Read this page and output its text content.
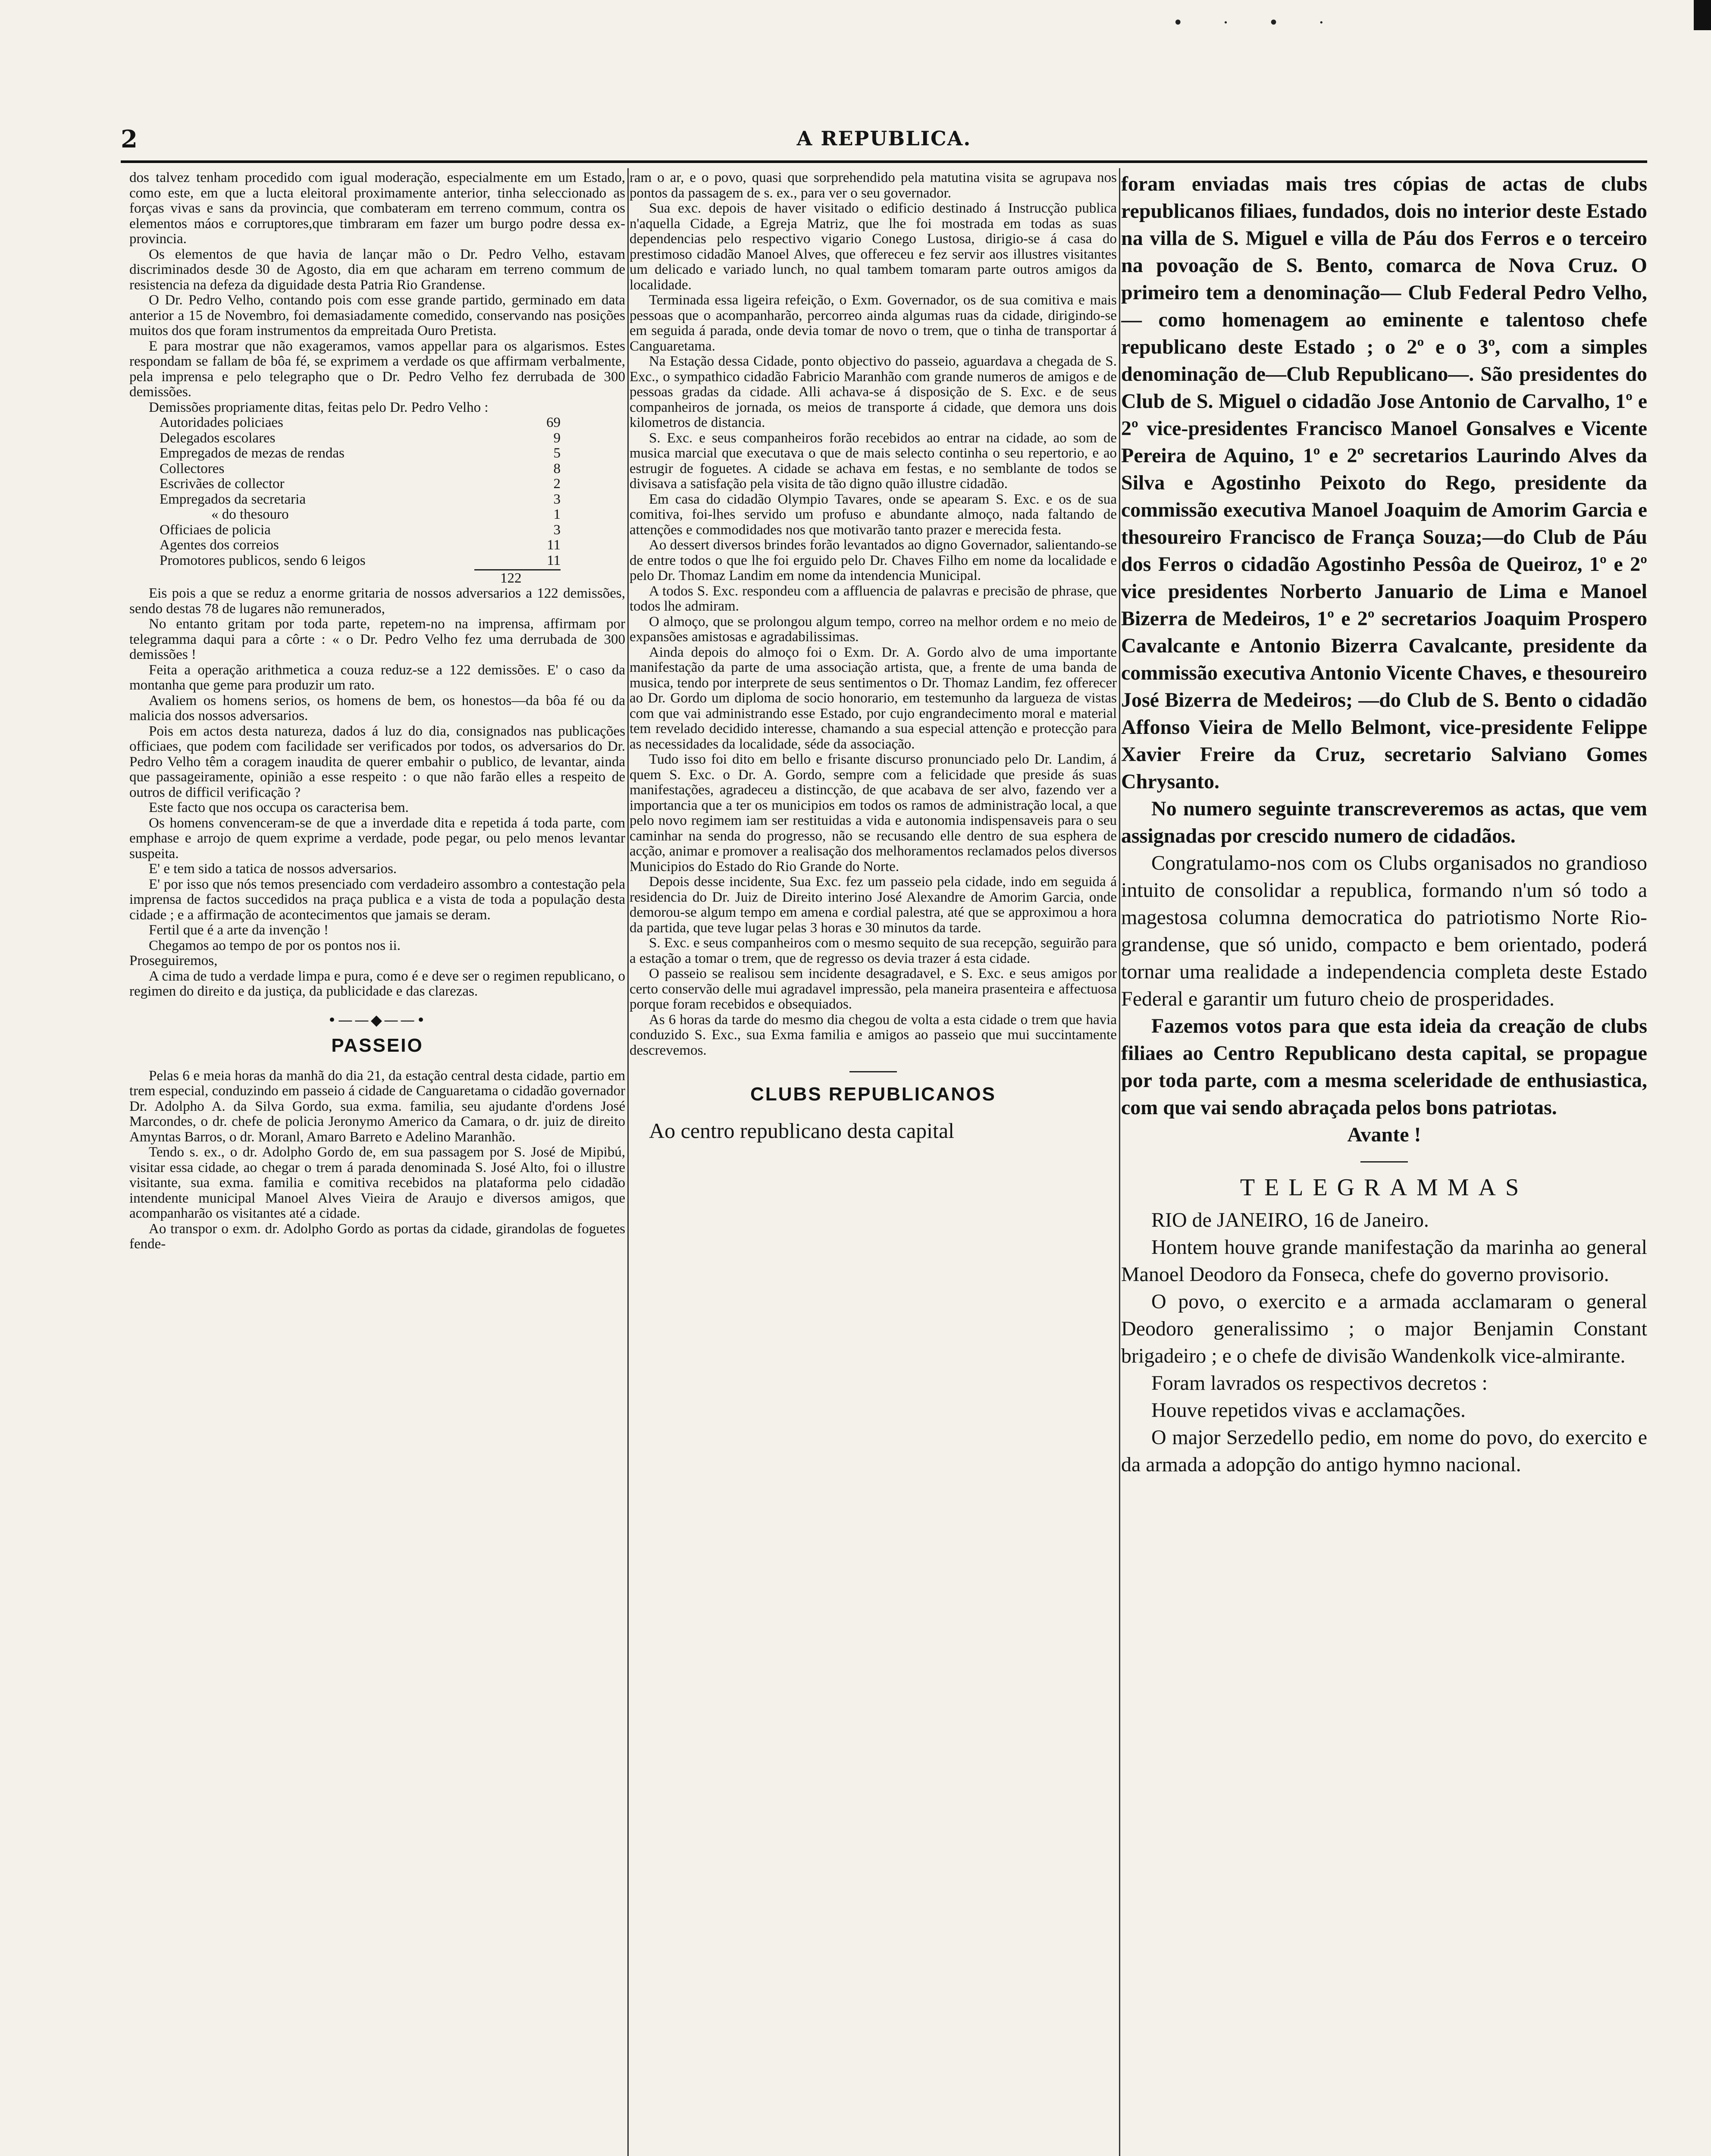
• · • ·
2	A REPUBLICA.

dos talvez tenham procedido com igual moderação, especialmente em um Estado, como este, em que a lucta eleitoral proximamente anterior, tinha seleccionado as forças vivas e sans da provincia, que combateram em terreno commum, contra os elementos máos e corruptores,que timbraram em fazer um burgo podre dessa ex-provincia.

Os elementos de que havia de lançar mão o Dr. Pedro Velho, estavam discriminados desde 30 de Agosto, dia em que acharam em terreno commum de resistencia na defeza da diguidade desta Patria Rio Grandense.

O Dr. Pedro Velho, contando pois com esse grande partido, germinado em data anterior a 15 de Novembro, foi demasiadamente comedido, conservando nas posições muitos dos que foram instrumentos da empreitada Ouro Pretista.

E para mostrar que não exageramos, vamos appellar para os algarismos. Estes respondam se fallam de bôa fé, se exprimem a verdade os que affirmam verbalmente, pela imprensa e pelo telegrapho que o Dr. Pedro Velho fez derrubada de 300 demissões.

Demissões propriamente ditas, feitas pelo Dr. Pedro Velho :

Autoridades policiaes	69
Delegados escolares	9
Empregados de mezas de rendas	5
Collectores	8
Escrivães de collector	2
Empregados da secretaria	3
« do thesouro	1
Officiaes de policia	3
Agentes dos correios	11
Promotores publicos, sendo 6 leigos	11
122

Eis pois a que se reduz a enorme gritaria de nossos adversarios a 122 demissões, sendo destas 78 de lugares não remunerados,

No entanto gritam por toda parte, repetem-no na imprensa, affirmam por telegramma daqui para a côrte : « o Dr. Pedro Velho fez uma derrubada de 300 demissões !

Feita a operação arithmetica a couza reduz-se a 122 demissões. E' o caso da montanha que geme para produzir um rato.

Avaliem os homens serios, os homens de bem, os honestos—da bôa fé ou da malicia dos nossos adversarios.

Pois em actos desta natureza, dados á luz do dia, consignados nas publicações officiaes, que podem com facilidade ser verificados por todos, os adversarios do Dr. Pedro Velho têm a coragem inaudita de querer embahir o publico, de levantar, ainda que passageiramente, opinião a esse respeito : o que não farão elles a respeito de outros de difficil verificação ?

Este facto que nos occupa os caracterisa bem.

Os homens convenceram-se de que a inverdade dita e repetida á toda parte, com emphase e arrojo de quem exprime a verdade, pode pegar, ou pelo menos levantar suspeita.

E' e tem sido a tatica de nossos adversarios.

E' por isso que nós temos presenciado com verdadeiro assombro a contestação pela imprensa de factos succedidos na praça publica e a vista de toda a população desta cidade ; e a affirmação de acontecimentos que jamais se deram.

Fertil que é a arte da invenção !

Chegamos ao tempo de por os pontos nos ii.

Proseguiremos,

A cima de tudo a verdade limpa e pura, como é e deve ser o regimen republicano, o regimen do direito e da justiça, da publicidade e das clarezas.

•——◆——•
PASSEIO

Pelas 6 e meia horas da manhã do dia 21, da estação central desta cidade, partio em trem especial, conduzindo em passeio á cidade de Canguaretama o cidadão governador Dr. Adolpho A. da Silva Gordo, sua exma. familia, seu ajudante d'ordens José Marcondes, o dr. chefe de policia Jeronymo Americo da Camara, o dr. juiz de direito Amyntas Barros, o dr. Moranl, Amaro Barreto e Adelino Maranhão.

Tendo s. ex., o dr. Adolpho Gordo de, em sua passagem por S. José de Mipibú, visitar essa cidade, ao chegar o trem á parada denominada S. José Alto, foi o illustre visitante, sua exma. familia e comitiva recebidos na plataforma pelo cidadão intendente municipal Manoel Alves Vieira de Araujo e diversos amigos, que acompanharão os visitantes até a cidade.

Ao transpor o exm. dr. Adolpho Gordo as portas da cidade, girandolas de foguetes fende-

ram o ar, e o povo, quasi que sorprehendido pela matutina visita se agrupava nos pontos da passagem de s. ex., para ver o seu governador.

Sua exc. depois de haver visitado o edificio destinado á Instrucção publica n'aquella Cidade, a Egreja Matriz, que lhe foi mostrada em todas as suas dependencias pelo respectivo vigario Conego Lustosa, dirigio-se á casa do prestimoso cidadão Manoel Alves, que offereceu e fez servir aos illustres visitantes um delicado e variado lunch, no qual tambem tomaram parte outros amigos da localidade.

Terminada essa ligeira refeição, o Exm. Governador, os de sua comitiva e mais pessoas que o acompanharão, percorreo ainda algumas ruas da cidade, dirigindo-se em seguida á parada, onde devia tomar de novo o trem, que o tinha de transportar á Canguaretama.

Na Estação dessa Cidade, ponto objectivo do passeio, aguardava a chegada de S. Exc., o sympathico cidadão Fabricio Maranhão com grande numeros de amigos e de pessoas gradas da cidade. Alli achava-se á disposição de S. Exc. e de seus companheiros de jornada, os meios de transporte á cidade, que demora uns dois kilometros de distancia.

S. Exc. e seus companheiros forão recebidos ao entrar na cidade, ao som de musica marcial que executava o que de mais selecto continha o seu repertorio, e ao estrugir de foguetes. A cidade se achava em festas, e no semblante de todos se divisava a satisfação pela visita de tão digno quão illustre cidadão.

Em casa do cidadão Olympio Tavares, onde se apearam S. Exc. e os de sua comitiva, foi-lhes servido um profuso e abundante almoço, nada faltando de attenções e commodidades nos que motivarão tanto prazer e merecida festa.

Ao dessert diversos brindes forão levantados ao digno Governador, salientando-se de entre todos o que lhe foi erguido pelo Dr. Chaves Filho em nome da localidade e pelo Dr. Thomaz Landim em nome da intendencia Municipal.

A todos S. Exc. respondeu com a affluencia de palavras e precisão de phrase, que todos lhe admiram.

O almoço, que se prolongou algum tempo, correo na melhor ordem e no meio de expansões amistosas e agradabilissimas.

Ainda depois do almoço foi o Exm. Dr. A. Gordo alvo de uma importante manifestação da parte de uma associação artista, que, a frente de uma banda de musica, tendo por interprete de seus sentimentos o Dr. Thomaz Landim, fez offerecer ao Dr. Gordo um diploma de socio honorario, em testemunho da largueza de vistas com que vai administrando esse Estado, por cujo engrandecimento moral e material tem revelado decidido interesse, chamando a sua especial attenção e protecção para as necessidades da localidade, séde da associação.

Tudo isso foi dito em bello e frisante discurso pronunciado pelo Dr. Landim, á quem S. Exc. o Dr. A. Gordo, sempre com a felicidade que preside ás suas manifestações, agradeceu a distincção, de que acabava de ser alvo, fazendo ver a importancia que a ter os municipios em todos os ramos de administração local, a que pelo novo regimem iam ser restituidas a vida e autonomia indispensaveis para o seu caminhar na senda do progresso, não se recusando elle dentro de sua esphera de acção, animar e promover a realisação dos melhoramentos reclamados pelos diversos Municipios do Estado do Rio Grande do Norte.

Depois desse incidente, Sua Exc. fez um passeio pela cidade, indo em seguida á residencia do Dr. Juiz de Direito interino José Alexandre de Amorim Garcia, onde demorou-se algum tempo em amena e cordial palestra, até que se approximou a hora da partida, que teve lugar pelas 3 horas e 30 minutos da tarde.

S. Exc. e seus companheiros com o mesmo sequito de sua recepção, seguirão para a estação a tomar o trem, que de regresso os devia trazer á esta cidade.

O passeio se realisou sem incidente desagradavel, e S. Exc. e seus amigos por certo conservão delle mui agradavel impressão, pela maneira prasenteira e affectuosa porque foram recebidos e obsequiados.

As 6 horas da tarde do mesmo dia chegou de volta a esta cidade o trem que havia conduzido S. Exc., sua Exma familia e amigos ao passeio que mui succintamente descrevemos.

CLUBS REPUBLICANOS

Ao centro republicano desta capital

foram enviadas mais tres cópias de actas de clubs republicanos filiaes, fundados, dois no interior deste Estado na villa de S. Miguel e villa de Páu dos Ferros e o terceiro na povoação de S. Bento, comarca de Nova Cruz. O primeiro tem a denominação— Club Federal Pedro Velho,— como homenagem ao eminente e talentoso chefe republicano deste Estado ; o 2º e o 3º, com a simples denominação de—Club Republicano—. São presidentes do Club de S. Miguel o cidadão Jose Antonio de Carvalho, 1º e 2º vice-presidentes Francisco Manoel Gonsalves e Vicente Pereira de Aquino, 1º e 2º secretarios Laurindo Alves da Silva e Agostinho Peixoto do Rego, presidente da commissão executiva Manoel Joaquim de Amorim Garcia e thesoureiro Francisco de França Souza;—do Club de Páu dos Ferros o cidadão Agostinho Pessôa de Queiroz, 1º e 2º vice presidentes Norberto Januario de Lima e Manoel Bizerra de Medeiros, 1º e 2º secretarios Joaquim Prospero Cavalcante e Antonio Bizerra Cavalcante, presidente da commissão executiva Antonio Vicente Chaves, e thesoureiro José Bizerra de Medeiros; —do Club de S. Bento o cidadão Affonso Vieira de Mello Belmont, vice-presidente Felippe Xavier Freire da Cruz, secretario Salviano Gomes Chrysanto.

No numero seguinte transcreveremos as actas, que vem assignadas por crescido numero de cidadãos.

Congratulamo-nos com os Clubs organisados no grandioso intuito de consolidar a republica, formando n'um só todo a magestosa columna democratica do patriotismo Norte Rio-grandense, que só unido, compacto e bem orientado, poderá tornar uma realidade a independencia completa deste Estado Federal e garantir um futuro cheio de prosperidades.

Fazemos votos para que esta ideia da creação de clubs filiaes ao Centro Republicano desta capital, se propague por toda parte, com a mesma sceleridade de enthusiastica, com que vai sendo abraçada pelos bons patriotas.

Avante !

TELEGRAMMAS

RIO de JANEIRO, 16 de Janeiro.

Hontem houve grande manifestação da marinha ao general Manoel Deodoro da Fonseca, chefe do governo provisorio.

O povo, o exercito e a armada acclamaram o general Deodoro generalissimo ; o major Benjamin Constant brigadeiro ; e o chefe de divisão Wandenkolk vice-almirante.

Foram lavrados os respectivos decretos :

Houve repetidos vivas e acclamações.

O major Serzedello pedio, em nome do povo, do exercito e da armada a adopção do antigo hymno nacional.
